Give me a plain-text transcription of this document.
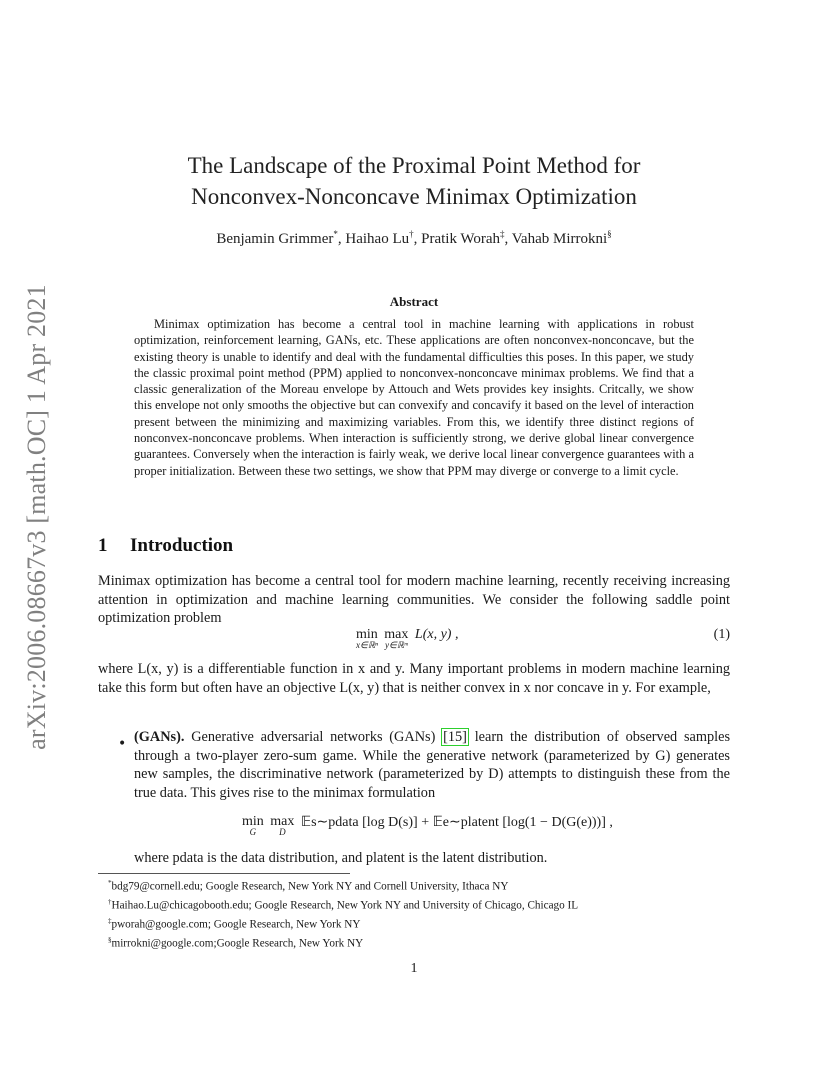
arXiv:2006.08667v3 [math.OC] 1 Apr 2021
The Landscape of the Proximal Point Method for
Nonconvex-Nonconcave Minimax Optimization
Benjamin Grimmer*, Haihao Lu†, Pratik Worah‡, Vahab Mirrokni§
Abstract

Minimax optimization has become a central tool in machine learning with applications in robust optimization, reinforcement learning, GANs, etc. These applications are often nonconvex-nonconcave, but the existing theory is unable to identify and deal with the fundamental difficulties this poses. In this paper, we study the classic proximal point method (PPM) applied to nonconvex-nonconcave minimax problems. We find that a classic generalization of the Moreau envelope by Attouch and Wets provides key insights. Critcally, we show this envelope not only smooths the objective but can convexify and concavify it based on the level of interaction present between the minimizing and maximizing variables. From this, we identify three distinct regions of nonconvex-nonconcave problems. When interaction is sufficiently strong, we derive global linear convergence guarantees. Conversely when the interaction is fairly weak, we derive local linear convergence guarantees with a proper initialization. Between these two settings, we show that PPM may diverge or converge to a limit cycle.

1 Introduction

Minimax optimization has become a central tool for modern machine learning, recently receiving increasing attention in optimization and machine learning communities. We consider the following saddle point optimization problem

min
x∈ℝⁿ

max
y∈ℝᵐ
L(x, y) ,	(1)

where L(x, y) is a differentiable function in x and y. Many important problems in modern machine learning take this form but often have an objective L(x, y) that is neither convex in x nor concave in y. For example,

• (GANs). Generative adversarial networks (GANs) [15] learn the distribution of observed samples through a two-player zero-sum game. While the generative network (parameterized by G) generates new samples, the discriminative network (parameterized by D) attempts to distinguish these from the true data. This gives rise to the minimax formulation

min
G

max
D
𝔼s∼pdata [log D(s)] + 𝔼e∼platent [log(1 − D(G(e)))] ,

where pdata is the data distribution, and platent is the latent distribution.

*bdg79@cornell.edu; Google Research, New York NY and Cornell University, Ithaca NY
†Haihao.Lu@chicagobooth.edu; Google Research, New York NY and University of Chicago, Chicago IL
‡pworah@google.com; Google Research, New York NY
§mirrokni@google.com;Google Research, New York NY
1
